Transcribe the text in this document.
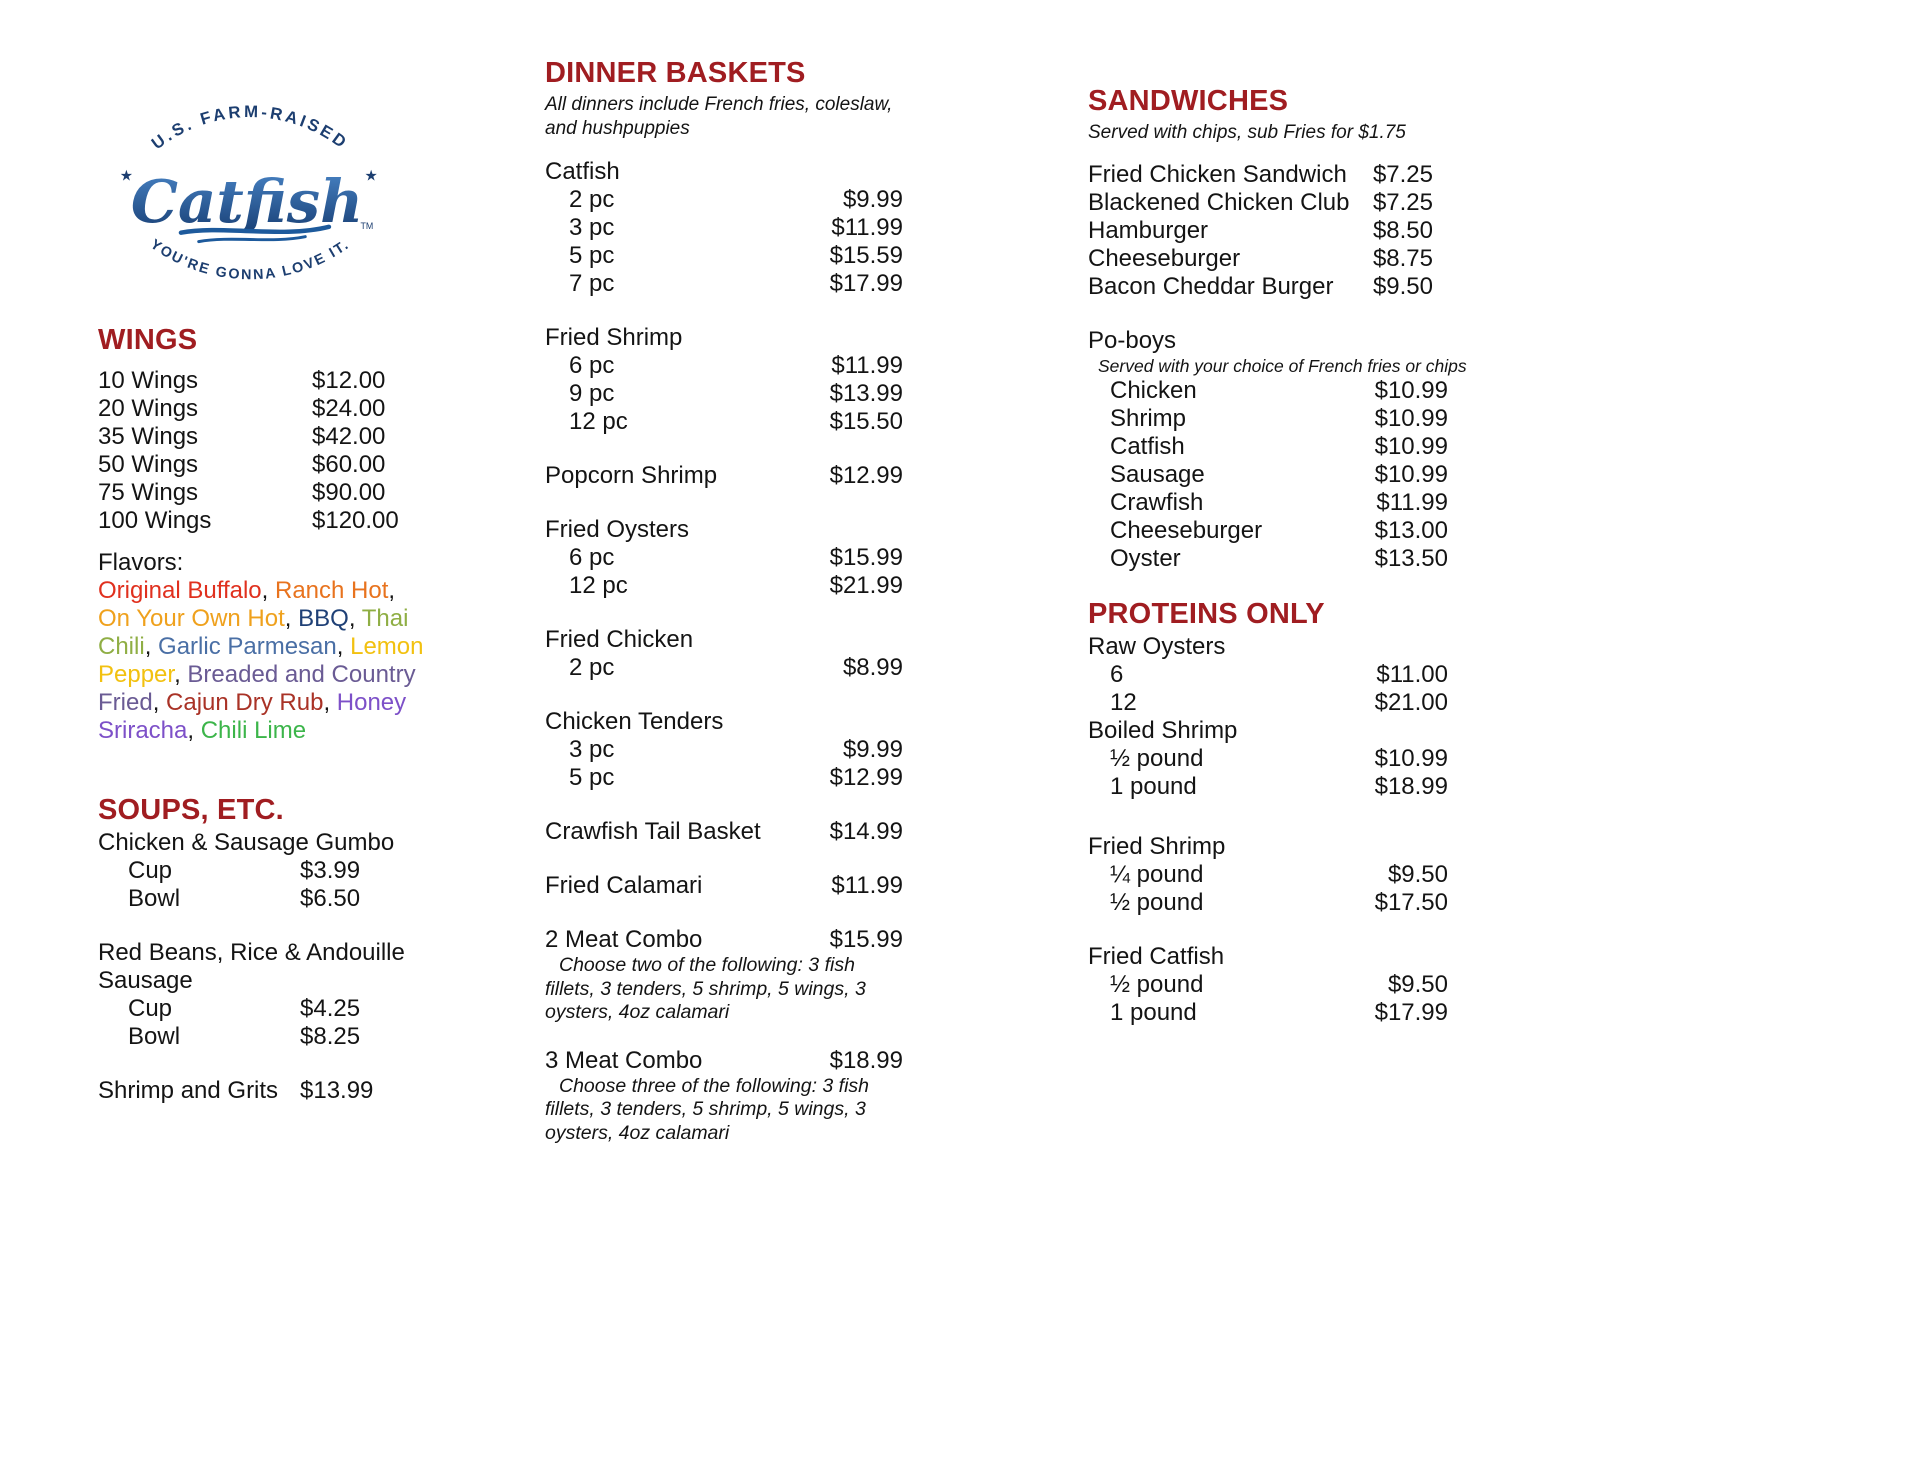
U.S. FARM-RAISED
★	★
Catfish
TM
YOU'RE GONNA LOVE IT.
WINGS
10 Wings	$12.00
20 Wings	$24.00
35 Wings	$42.00
50 Wings	$60.00
75 Wings	$90.00
100 Wings	$120.00
Flavors:

Original Buffalo, Ranch Hot, On Your Own Hot, BBQ, Thai Chili, Garlic Parmesan, Lemon Pepper, Breaded and Country Fried, Cajun Dry Rub, Honey Sriracha, Chili Lime

SOUPS, ETC.
Chicken & Sausage Gumbo
Cup	$3.99
Bowl	$6.50
Red Beans, Rice & Andouille Sausage
Cup	$4.25
Bowl	$8.25
Shrimp and Grits $13.99
DINNER BASKETS
All dinners include French fries, coleslaw, and hushpuppies
Catfish
2 pc	$9.99
3 pc	$11.99
5 pc	$15.59
7 pc	$17.99
Fried Shrimp
6 pc	$11.99
9 pc	$13.99
12 pc	$15.50
Popcorn Shrimp	$12.99
Fried Oysters
6 pc	$15.99
12 pc	$21.99
Fried Chicken
2 pc	$8.99
Chicken Tenders
3 pc	$9.99
5 pc	$12.99
Crawfish Tail Basket	$14.99
Fried Calamari	$11.99
2 Meat Combo	$15.99
Choose two of the following: 3 fish fillets, 3 tenders, 5 shrimp, 5 wings, 3 oysters, 4oz calamari
3 Meat Combo	$18.99
Choose three of the following: 3 fish fillets, 3 tenders, 5 shrimp, 5 wings, 3 oysters, 4oz calamari
SANDWICHES
Served with chips, sub Fries for $1.75
Fried Chicken Sandwich $7.25
Blackened Chicken Club $7.25
Hamburger	$8.50
Cheeseburger	$8.75
Bacon Cheddar Burger $9.50
Po-boys
Served with your choice of French fries or chips
Chicken	$10.99
Shrimp	$10.99
Catfish	$10.99
Sausage	$10.99
Crawfish	$11.99
Cheeseburger	$13.00
Oyster	$13.50
PROTEINS ONLY
Raw Oysters
6	$11.00
12	$21.00
Boiled Shrimp
½ pound	$10.99
1 pound	$18.99
Fried Shrimp
¼ pound	$9.50
½ pound	$17.50
Fried Catfish
½ pound	$9.50
1 pound	$17.99
